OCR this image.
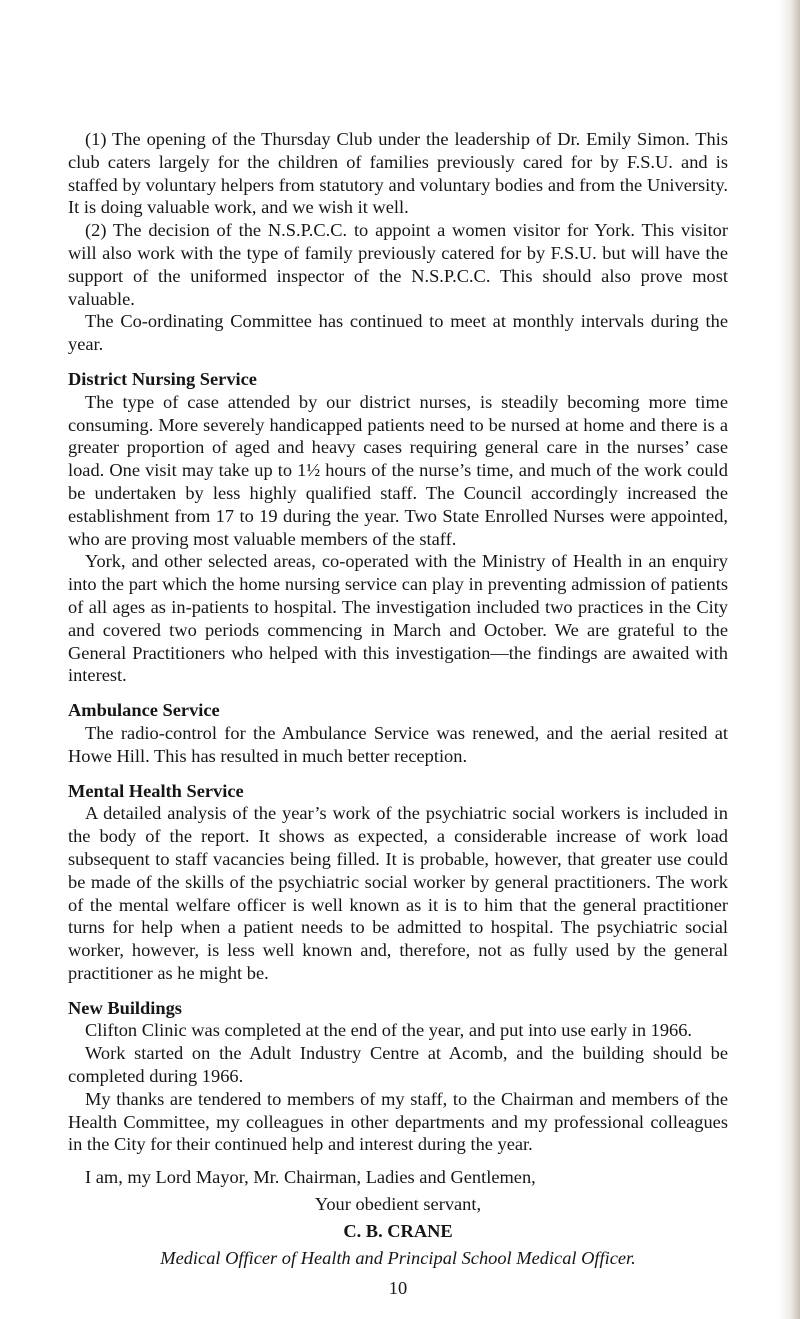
(1) The opening of the Thursday Club under the leadership of Dr. Emily Simon. This club caters largely for the children of families previously cared for by F.S.U. and is staffed by voluntary helpers from statutory and voluntary bodies and from the University. It is doing valuable work, and we wish it well.

(2) The decision of the N.S.P.C.C. to appoint a women visitor for York. This visitor will also work with the type of family previously catered for by F.S.U. but will have the support of the uniformed inspector of the N.S.P.C.C. This should also prove most valuable.

The Co-ordinating Committee has continued to meet at monthly intervals during the year.

District Nursing Service

The type of case attended by our district nurses, is steadily becoming more time consuming. More severely handicapped patients need to be nursed at home and there is a greater proportion of aged and heavy cases requiring general care in the nurses’ case load. One visit may take up to 1½ hours of the nurse’s time, and much of the work could be undertaken by less highly qualified staff. The Council accordingly increased the establishment from 17 to 19 during the year. Two State Enrolled Nurses were appointed, who are proving most valuable members of the staff.

York, and other selected areas, co-operated with the Ministry of Health in an enquiry into the part which the home nursing service can play in preventing admission of patients of all ages as in-patients to hospital. The investigation included two practices in the City and covered two periods commencing in March and October. We are grateful to the General Practitioners who helped with this investigation—the findings are awaited with interest.

Ambulance Service

The radio-control for the Ambulance Service was renewed, and the aerial resited at Howe Hill. This has resulted in much better reception.

Mental Health Service

A detailed analysis of the year’s work of the psychiatric social workers is included in the body of the report. It shows as expected, a considerable increase of work load subsequent to staff vacancies being filled. It is probable, however, that greater use could be made of the skills of the psychiatric social worker by general practitioners. The work of the mental welfare officer is well known as it is to him that the general practitioner turns for help when a patient needs to be admitted to hospital. The psychiatric social worker, however, is less well known and, therefore, not as fully used by the general practitioner as he might be.

New Buildings

Clifton Clinic was completed at the end of the year, and put into use early in 1966.

Work started on the Adult Industry Centre at Acomb, and the building should be completed during 1966.

My thanks are tendered to members of my staff, to the Chairman and members of the Health Committee, my colleagues in other departments and my professional colleagues in the City for their continued help and interest during the year.

I am, my Lord Mayor, Mr. Chairman, Ladies and Gentlemen,

Your obedient servant,

C. B. CRANE

Medical Officer of Health and Principal School Medical Officer.

10
